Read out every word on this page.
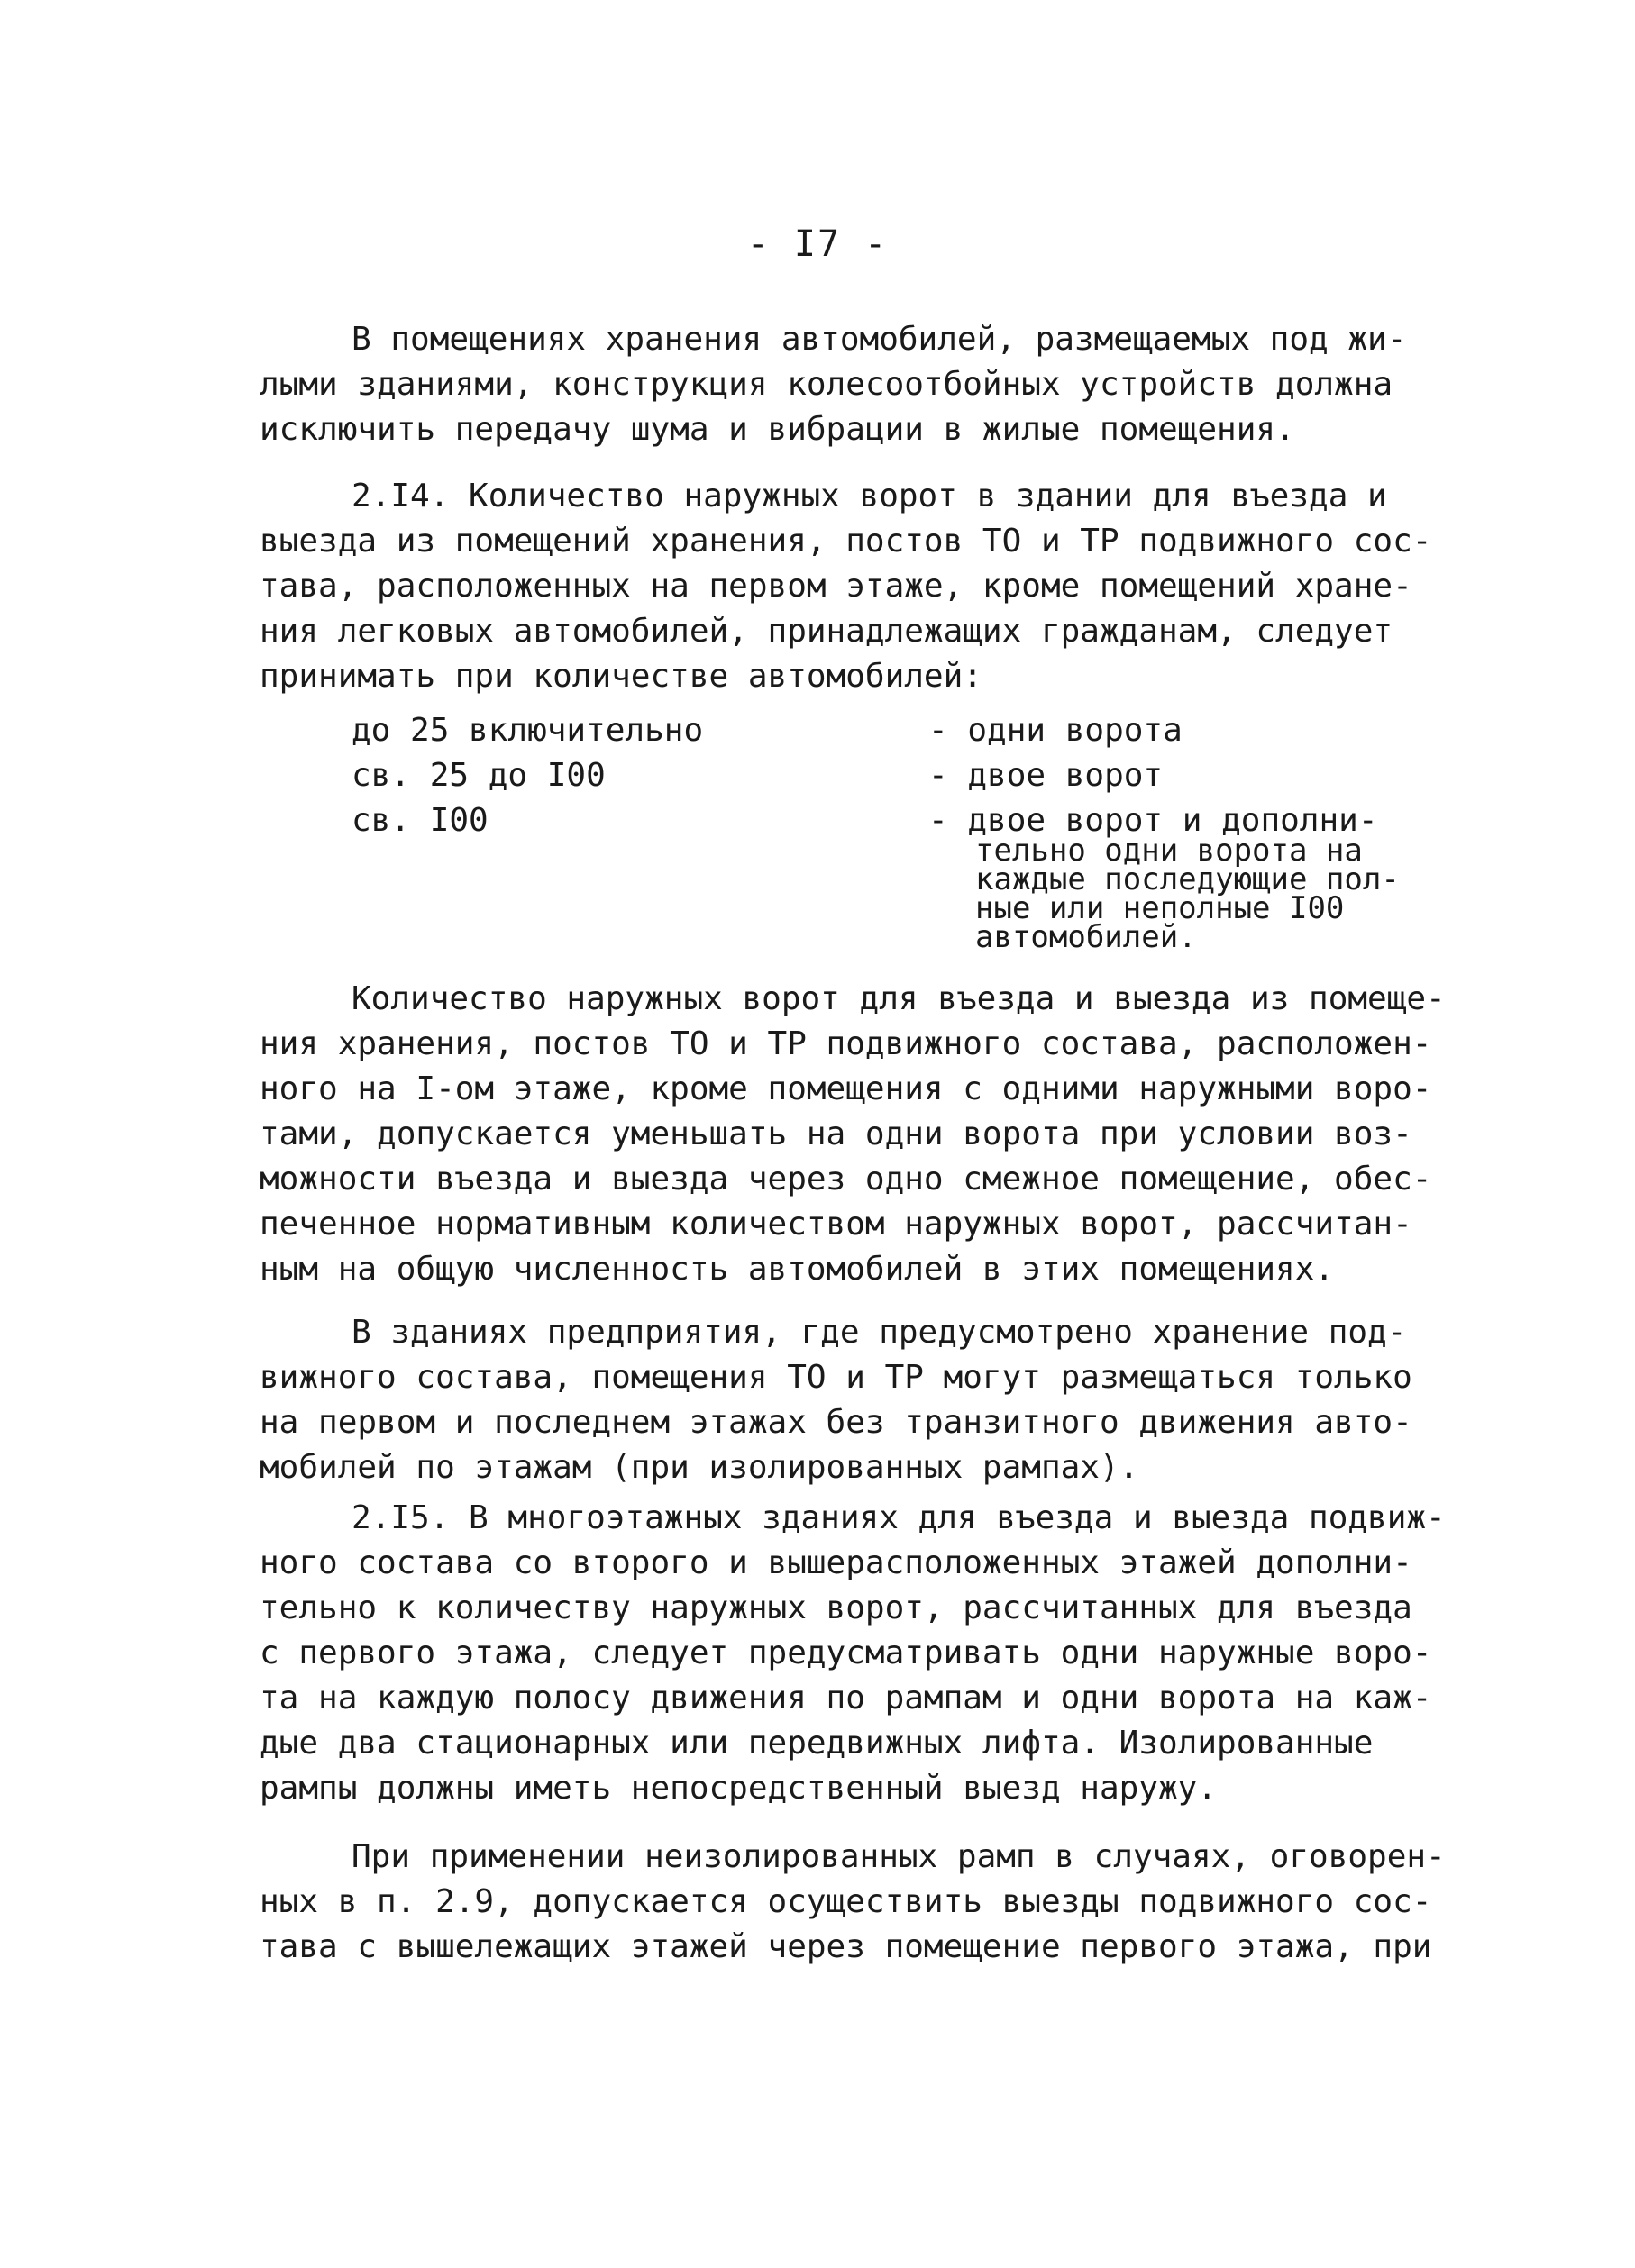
- I7 -
В помещениях хранения автомобилей, размещаемых под жи-
лыми зданиями, конструкция колесоотбойных устройств должна
исключить передачу шума и вибрации в жилые помещения.
2.I4. Количество наружных ворот в здании для въезда и
выезда из помещений хранения, постов ТО и ТР подвижного сос-
тава, расположенных на первом этаже, кроме помещений хране-
ния легковых автомобилей, принадлежащих гражданам, следует
принимать при количестве автомобилей:
до 25 включительно	- одни ворота
св. 25 до I00	- двое ворот
св. I00	- двое ворот и дополни-
тельно одни ворота на
каждые последующие пол-
ные или неполные I00
автомобилей.
Количество наружных ворот для въезда и выезда из помеще-
ния хранения, постов ТО и ТР подвижного состава, расположен-
ного на I-ом этаже, кроме помещения с одними наружными воро-
тами, допускается уменьшать на одни ворота при условии воз-
можности въезда и выезда через одно смежное помещение, обес-
печенное нормативным количеством наружных ворот, рассчитан-
ным на общую численность автомобилей в этих помещениях.
В зданиях предприятия, где предусмотрено хранение под-
вижного состава, помещения ТО и ТР могут размещаться только
на первом и последнем этажах без транзитного движения авто-
мобилей по этажам (при изолированных рампах).
2.I5. В многоэтажных зданиях для въезда и выезда подвиж-
ного состава со второго и вышерасположенных этажей дополни-
тельно к количеству наружных ворот, рассчитанных для въезда
с первого этажа, следует предусматривать одни наружные воро-
та на каждую полосу движения по рампам и одни ворота на каж-
дые два стационарных или передвижных лифта. Изолированные
рампы должны иметь непосредственный выезд наружу.
При применении неизолированных рамп в случаях, оговорен-
ных в п. 2.9, допускается осуществить выезды подвижного сос-
тава с вышележащих этажей через помещение первого этажа, при
